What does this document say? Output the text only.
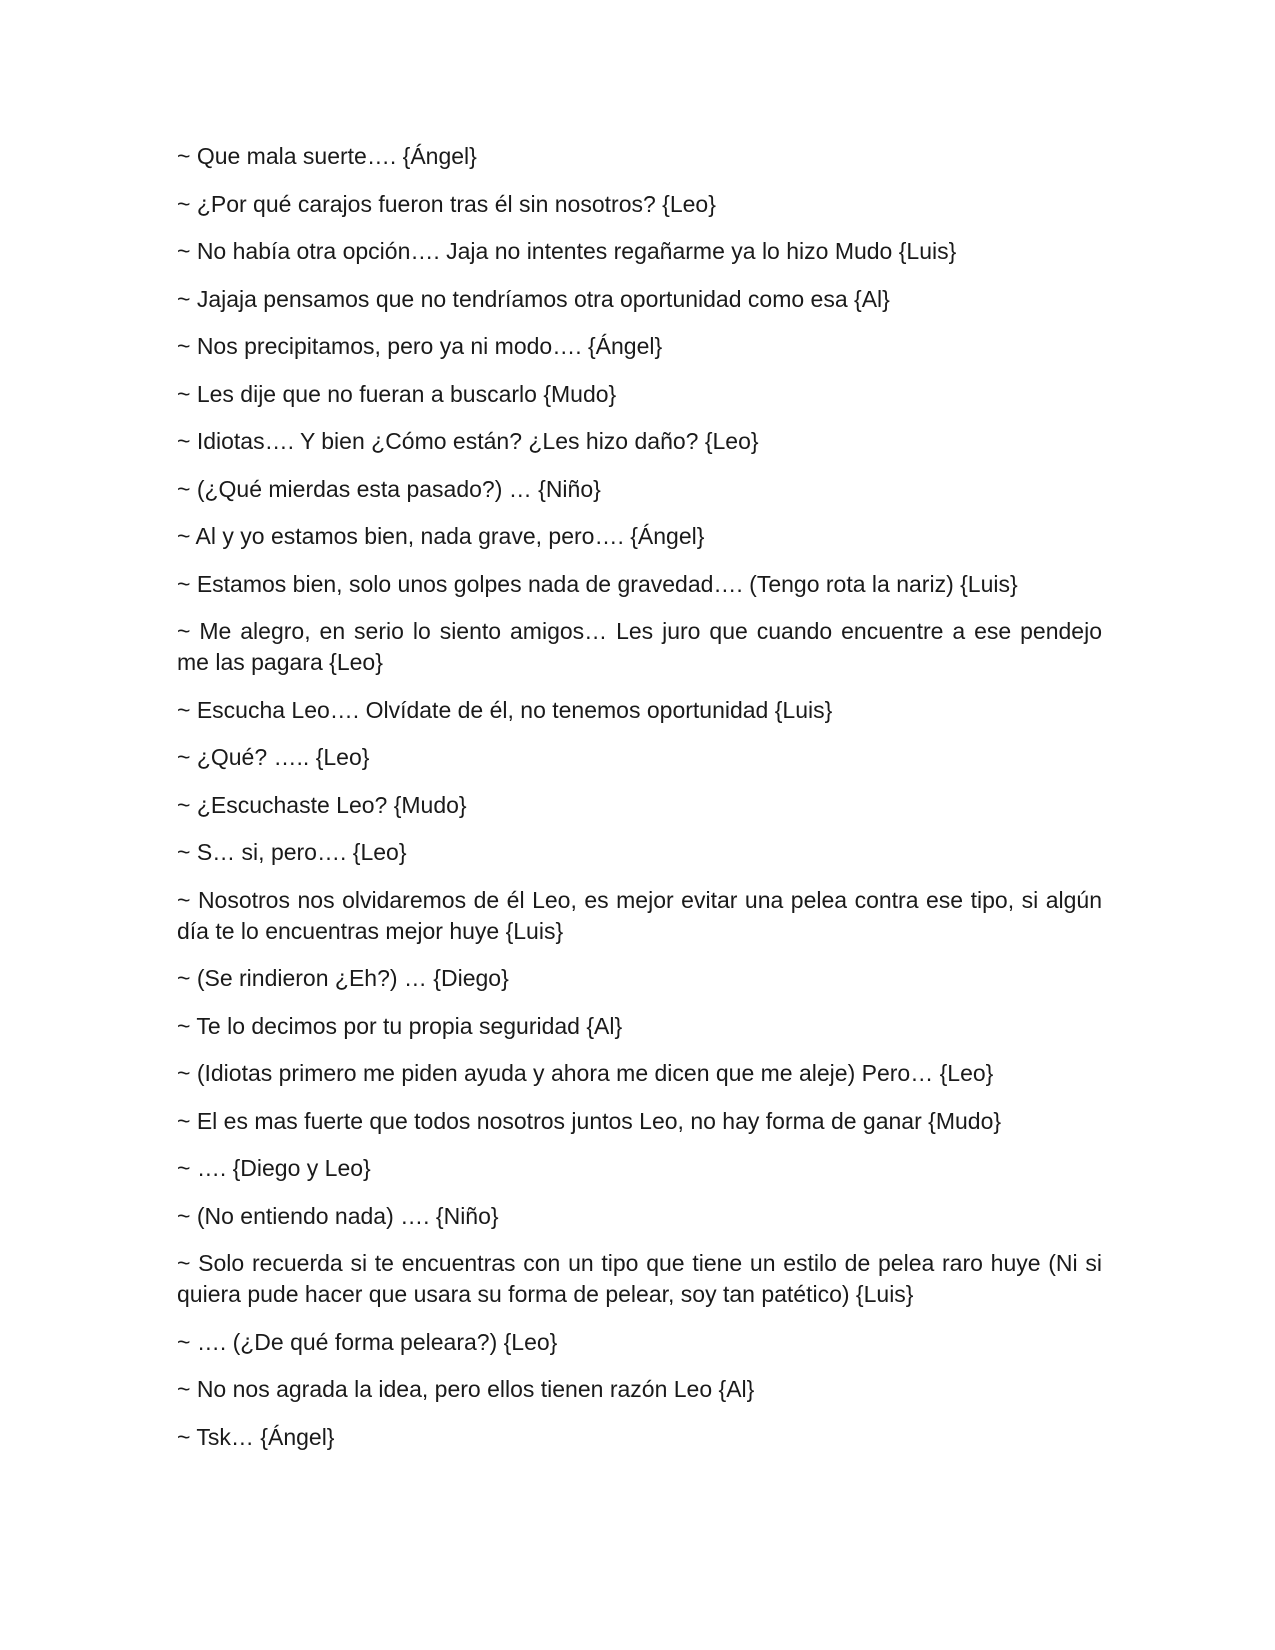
~ Que mala suerte…. {Ángel}

~ ¿Por qué carajos fueron tras él sin nosotros? {Leo}

~ No había otra opción…. Jaja no intentes regañarme ya lo hizo Mudo {Luis}

~ Jajaja pensamos que no tendríamos otra oportunidad como esa {Al}

~ Nos precipitamos, pero ya ni modo…. {Ángel}

~ Les dije que no fueran a buscarlo {Mudo}

~ Idiotas…. Y bien ¿Cómo están? ¿Les hizo daño? {Leo}

~ (¿Qué mierdas esta pasado?) … {Niño}

~ Al y yo estamos bien, nada grave, pero…. {Ángel}

~ Estamos bien, solo unos golpes nada de gravedad…. (Tengo rota la nariz) {Luis}

~ Me alegro, en serio lo siento amigos… Les juro que cuando encuentre a ese pendejo me las pagara {Leo}

~ Escucha Leo…. Olvídate de él, no tenemos oportunidad {Luis}

~ ¿Qué? ….. {Leo}

~ ¿Escuchaste Leo? {Mudo}

~ S… si, pero…. {Leo}

~ Nosotros nos olvidaremos de él Leo, es mejor evitar una pelea contra ese tipo, si algún día te lo encuentras mejor huye {Luis}

~ (Se rindieron ¿Eh?) … {Diego}

~ Te lo decimos por tu propia seguridad {Al}

~ (Idiotas primero me piden ayuda y ahora me dicen que me aleje) Pero… {Leo}

~ El es mas fuerte que todos nosotros juntos Leo, no hay forma de ganar {Mudo}

~ …. {Diego y Leo}

~ (No entiendo nada) …. {Niño}

~ Solo recuerda si te encuentras con un tipo que tiene un estilo de pelea raro huye (Ni si quiera pude hacer que usara su forma de pelear, soy tan patético) {Luis}

~ …. (¿De qué forma peleara?) {Leo}

~ No nos agrada la idea, pero ellos tienen razón Leo {Al}

~ Tsk… {Ángel}
